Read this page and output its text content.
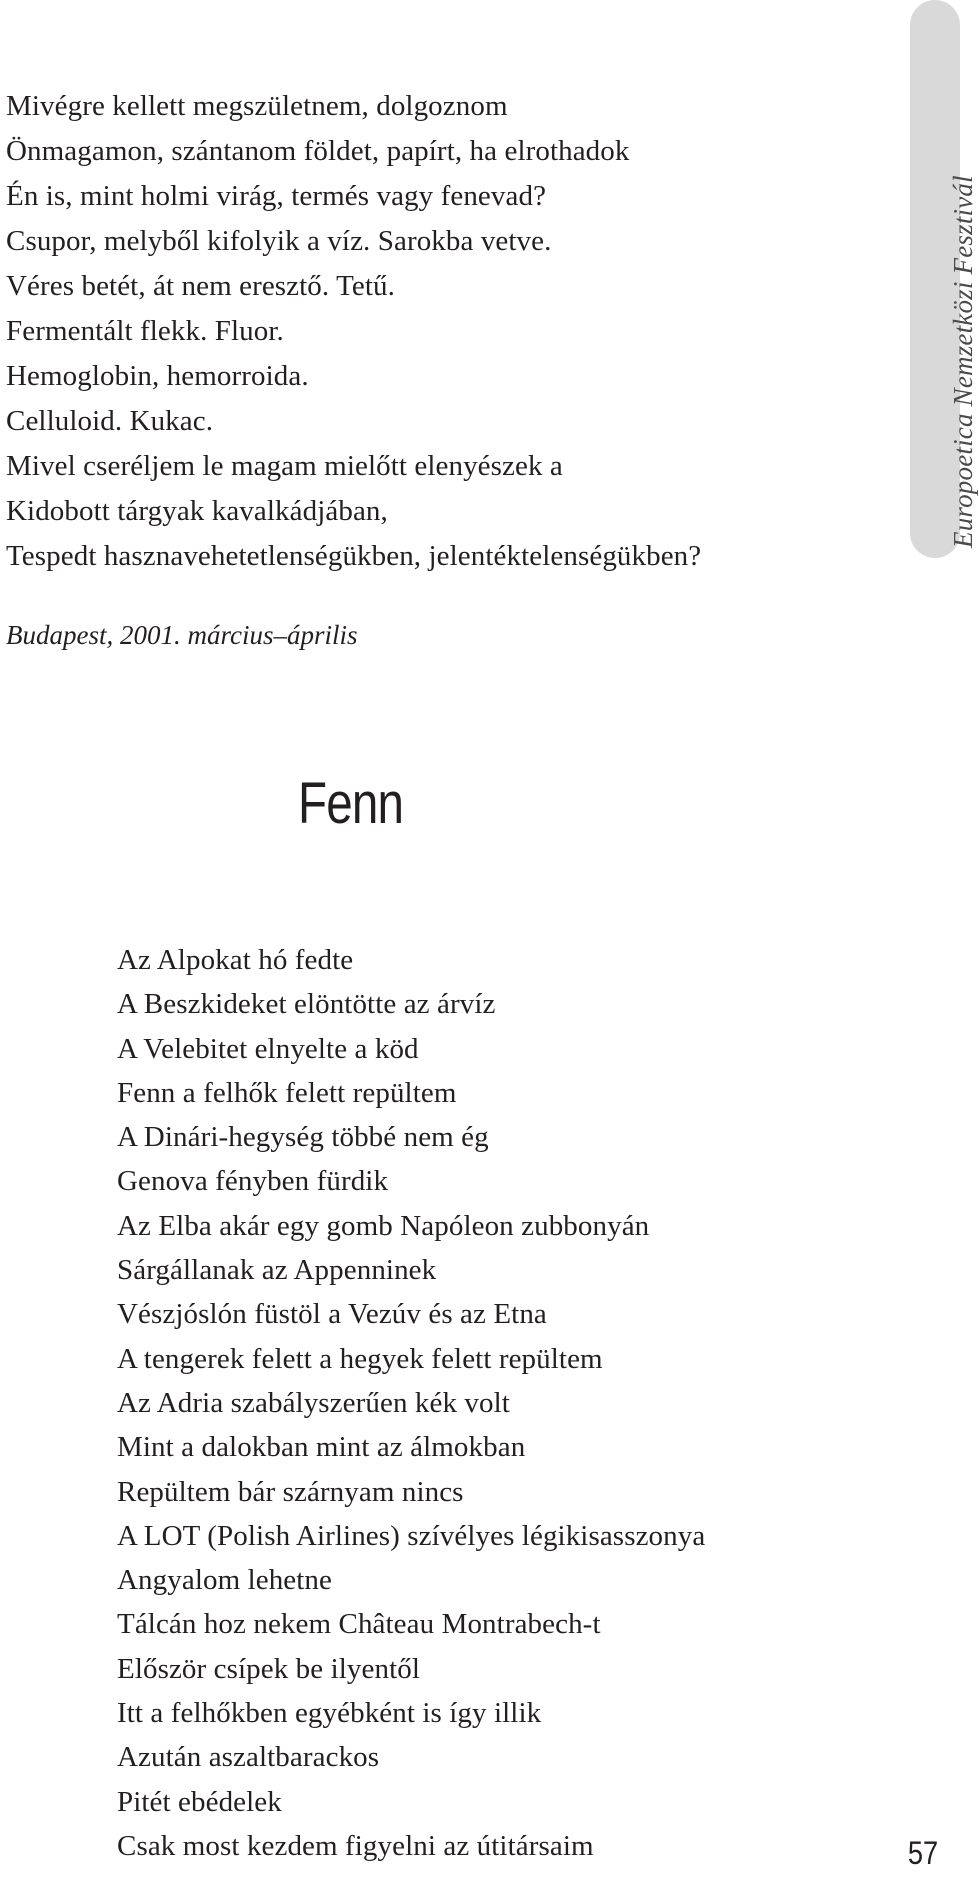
Europoetica Nemzetközi Fesztivál
Mivégre kellett megszületnem, dolgoznom
Önmagamon, szántanom földet, papírt, ha elrothadok
Én is, mint holmi virág, termés vagy fenevad?
Csupor, melyből kifolyik a víz. Sarokba vetve.
Véres betét, át nem eresztő. Tetű.
Fermentált flekk. Fluor.
Hemoglobin, hemorroida.
Celluloid. Kukac.
Mivel cseréljem le magam mielőtt elenyészek a
Kidobott tárgyak kavalkádjában,
Tespedt hasznavehetetlenségükben, jelentéktelenségükben?
Budapest, 2001. március–április
Fenn
Az Alpokat hó fedte
A Beszkideket elöntötte az árvíz
A Velebitet elnyelte a köd
Fenn a felhők felett repültem
A Dinári-hegység többé nem ég
Genova fényben fürdik
Az Elba akár egy gomb Napóleon zubbonyán
Sárgállanak az Appenninek
Vészjóslón füstöl a Vezúv és az Etna
A tengerek felett a hegyek felett repültem
Az Adria szabályszerűen kék volt
Mint a dalokban mint az álmokban
Repültem bár szárnyam nincs
A LOT (Polish Airlines) szívélyes légikisasszonya
Angyalom lehetne
Tálcán hoz nekem Château Montrabech-t
Először csípek be ilyentől
Itt a felhőkben egyébként is így illik
Azután aszaltbarackos
Pitét ebédelek
Csak most kezdem figyelni az útitársaim	57
